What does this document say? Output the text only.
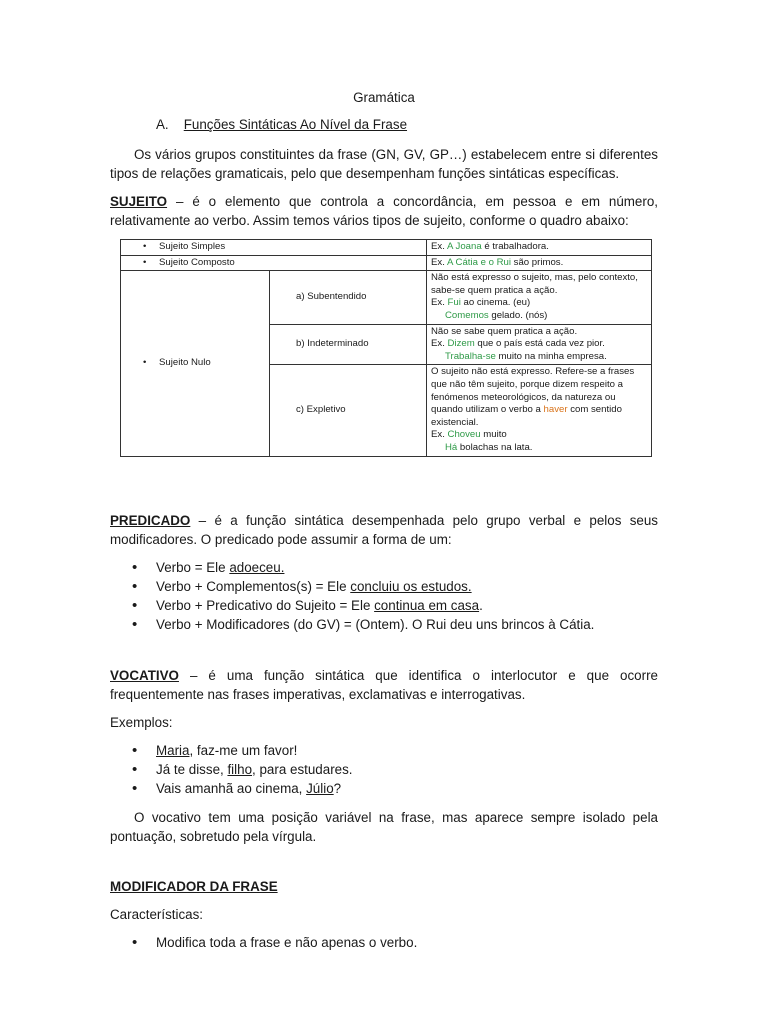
Gramática
A. Funções Sintáticas Ao Nível da Frase

Os vários grupos constituintes da frase (GN, GV, GP…) estabelecem entre si diferentes tipos de relações gramaticais, pelo que desempenham funções sintáticas específicas.

SUJEITO – é o elemento que controla a concordância, em pessoa e em número, relativamente ao verbo. Assim temos vários tipos de sujeito, conforme o quadro abaixo:

• Sujeito Simples		Ex. A Joana é trabalhadora.
• Sujeito Composto		Ex. A Cátia e o Rui são primos.
• Sujeito Nulo	a) Subentendido	Não está expresso o sujeito, mas, pelo contexto, sabe-se quem pratica a ação.
Ex. Fui ao cinema. (eu)
Comemos gelado. (nós)

	b) Indeterminado	Não se sabe quem pratica a ação.
Ex. Dizem que o país está cada vez pior.
Trabalha-se muito na minha empresa.

	c) Expletivo	O sujeito não está expresso. Refere-se a frases que não têm sujeito, porque dizem respeito a fenómenos meteorológicos, da natureza ou quando utilizam o verbo a haver com sentido existencial.
Ex. Choveu muito
Há bolachas na lata.

PREDICADO – é a função sintática desempenhada pelo grupo verbal e pelos seus modificadores. O predicado pode assumir a forma de um:

• Verbo = Ele adoeceu.
• Verbo + Complementos(s) = Ele concluiu os estudos.
• Verbo + Predicativo do Sujeito = Ele continua em casa.
• Verbo + Modificadores (do GV) = (Ontem). O Rui deu uns brincos à Cátia.

VOCATIVO – é uma função sintática que identifica o interlocutor e que ocorre frequentemente nas frases imperativas, exclamativas e interrogativas.

Exemplos:

• Maria, faz-me um favor!
• Já te disse, filho, para estudares.
• Vais amanhã ao cinema, Júlio?

O vocativo tem uma posição variável na frase, mas aparece sempre isolado pela pontuação, sobretudo pela vírgula.

MODIFICADOR DA FRASE

Características:

• Modifica toda a frase e não apenas o verbo.
